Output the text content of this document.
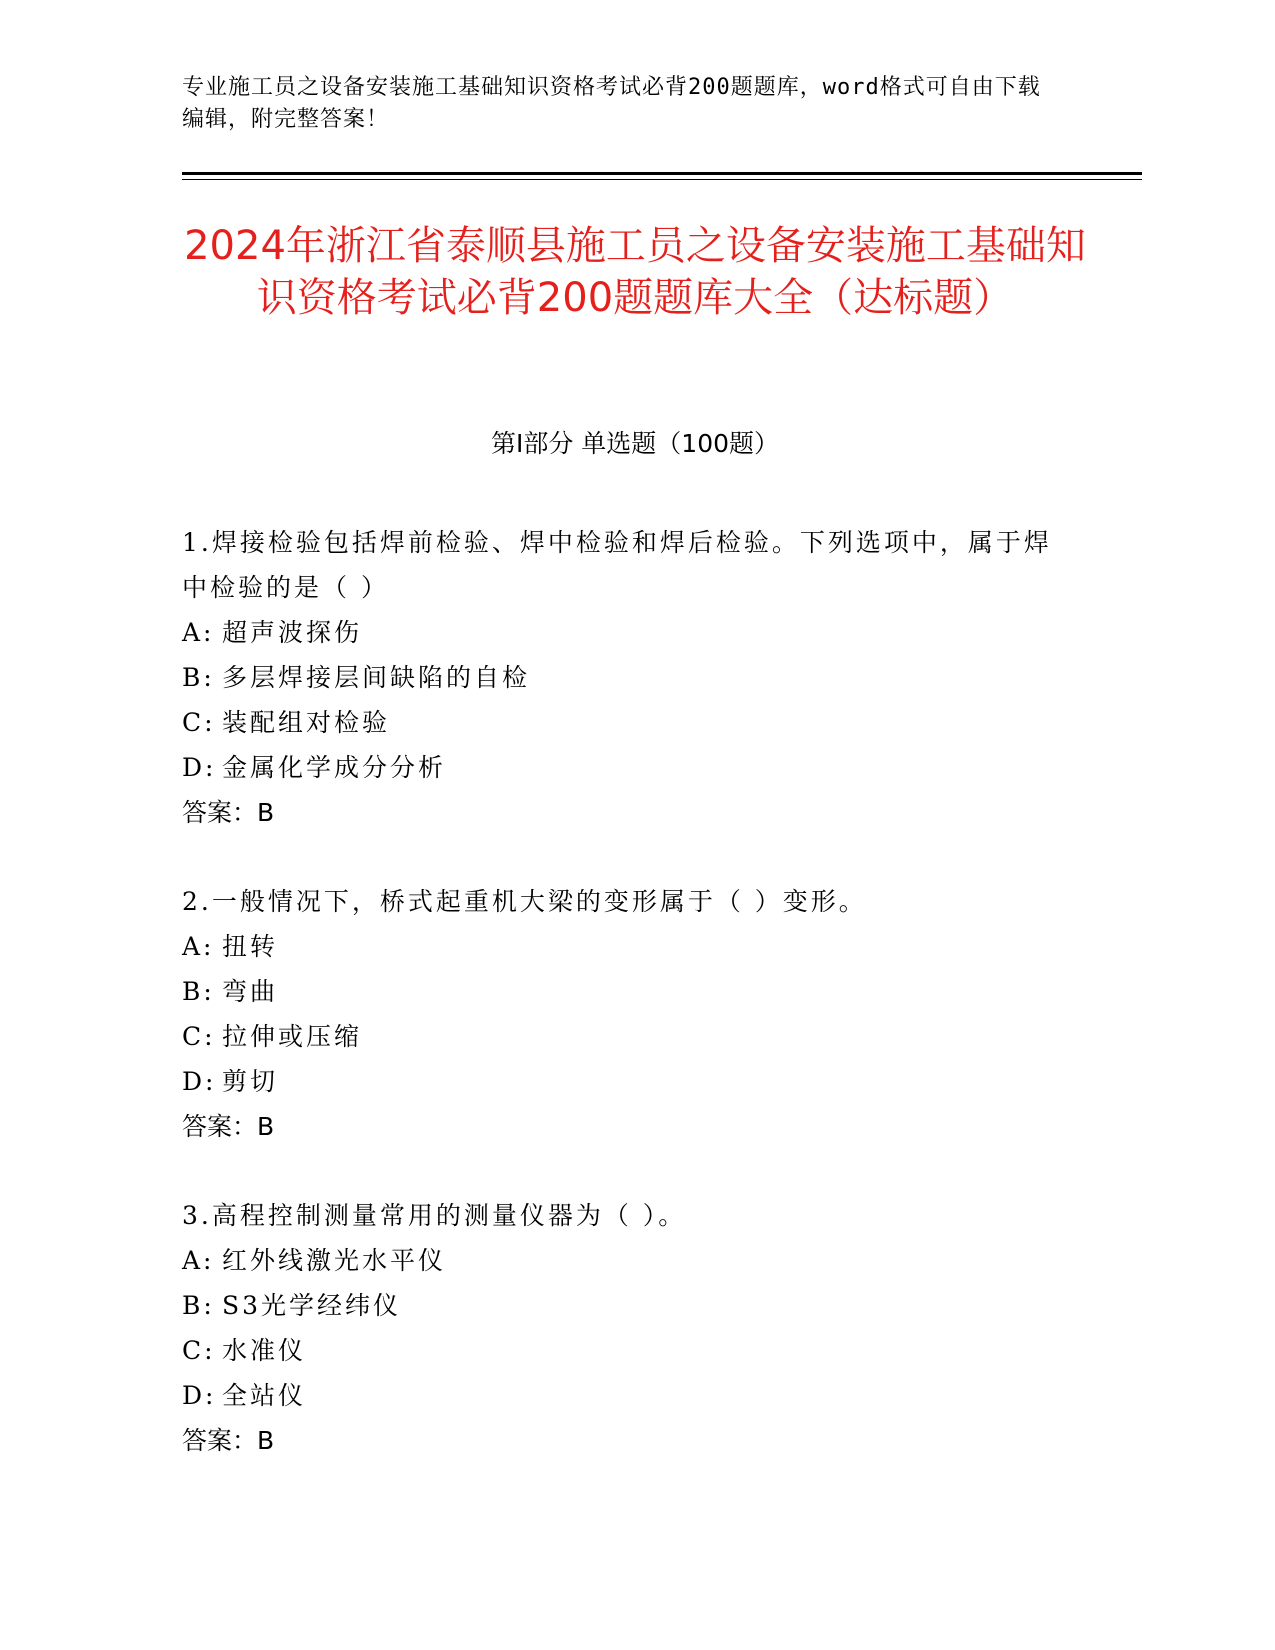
专业施工员之设备安装施工基础知识资格考试必背200题题库，word格式可自由下载编辑，附完整答案！
2024年浙江省泰顺县施工员之设备安装施工基础知识资格考试必背200题题库大全（达标题）
第Ⅰ部分 单选题（100题）
1.焊接检验包括焊前检验、焊中检验和焊后检验。下列选项中，属于焊中检验的是（ ）
A: 超声波探伤
B: 多层焊接层间缺陷的自检
C: 装配组对检验
D: 金属化学成分分析
答案：B
2.一般情况下，桥式起重机大梁的变形属于（ ）变形。
A: 扭转
B: 弯曲
C: 拉伸或压缩
D: 剪切
答案：B
3.高程控制测量常用的测量仪器为（ ）。
A: 红外线激光水平仪
B: S3光学经纬仪
C: 水准仪
D: 全站仪
答案：B
